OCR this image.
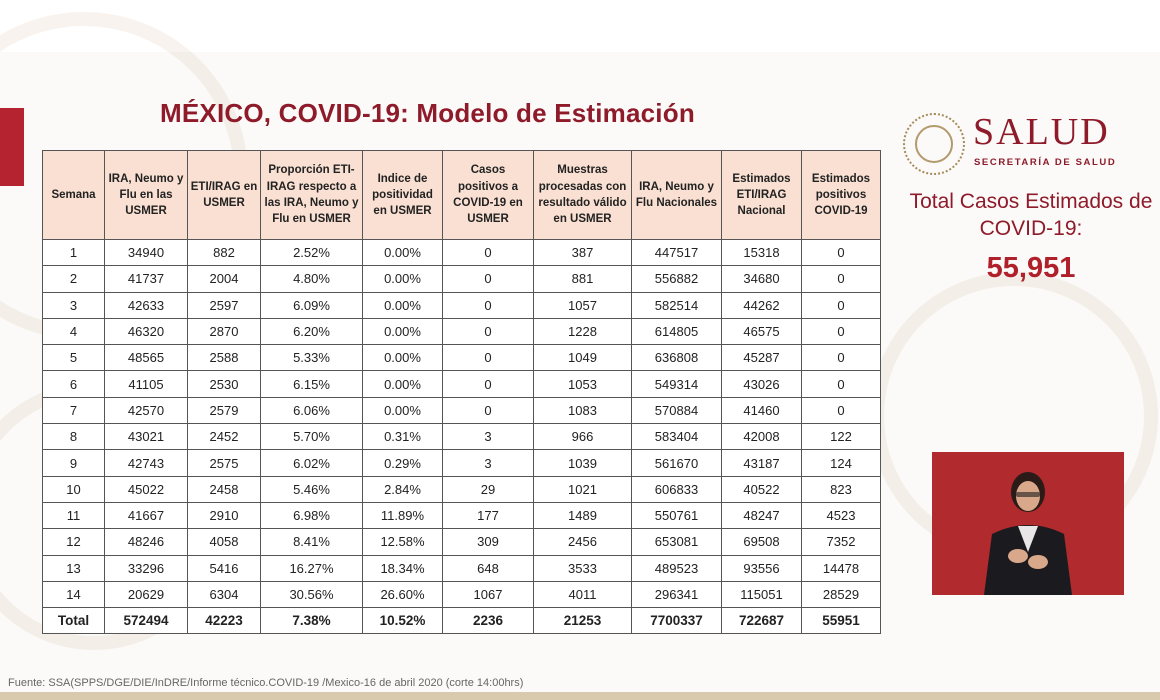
MÉXICO, COVID-19: Modelo de Estimación
Semana	IRA, Neumo y Flu en las USMER	ETI/IRAG en USMER	Proporción ETI-IRAG respecto a las IRA, Neumo y Flu en USMER	Indice de positividad en USMER	Casos positivos a COVID-19 en USMER	Muestras procesadas con resultado válido en USMER	IRA, Neumo y Flu Nacionales	Estimados ETI/IRAG Nacional	Estimados positivos COVID-19
1	34940	882	2.52%	0.00%	0	387	447517	15318	0
2	41737	2004	4.80%	0.00%	0	881	556882	34680	0
3	42633	2597	6.09%	0.00%	0	1057	582514	44262	0
4	46320	2870	6.20%	0.00%	0	1228	614805	46575	0
5	48565	2588	5.33%	0.00%	0	1049	636808	45287	0
6	41105	2530	6.15%	0.00%	0	1053	549314	43026	0
7	42570	2579	6.06%	0.00%	0	1083	570884	41460	0
8	43021	2452	5.70%	0.31%	3	966	583404	42008	122
9	42743	2575	6.02%	0.29%	3	1039	561670	43187	124
10	45022	2458	5.46%	2.84%	29	1021	606833	40522	823
11	41667	2910	6.98%	11.89%	177	1489	550761	48247	4523
12	48246	4058	8.41%	12.58%	309	2456	653081	69508	7352
13	33296	5416	16.27%	18.34%	648	3533	489523	93556	14478
14	20629	6304	30.56%	26.60%	1067	4011	296341	115051	28529
Total	572494	42223	7.38%	10.52%	2236	21253	7700337	722687	55951

SALUD

SECRETARÍA DE SALUD

Total Casos Estimados de COVID-19:

55,951

Fuente: SSA(SPPS/DGE/DIE/InDRE/Informe técnico.COVID-19 /Mexico-16 de abril 2020 (corte 14:00hrs)
